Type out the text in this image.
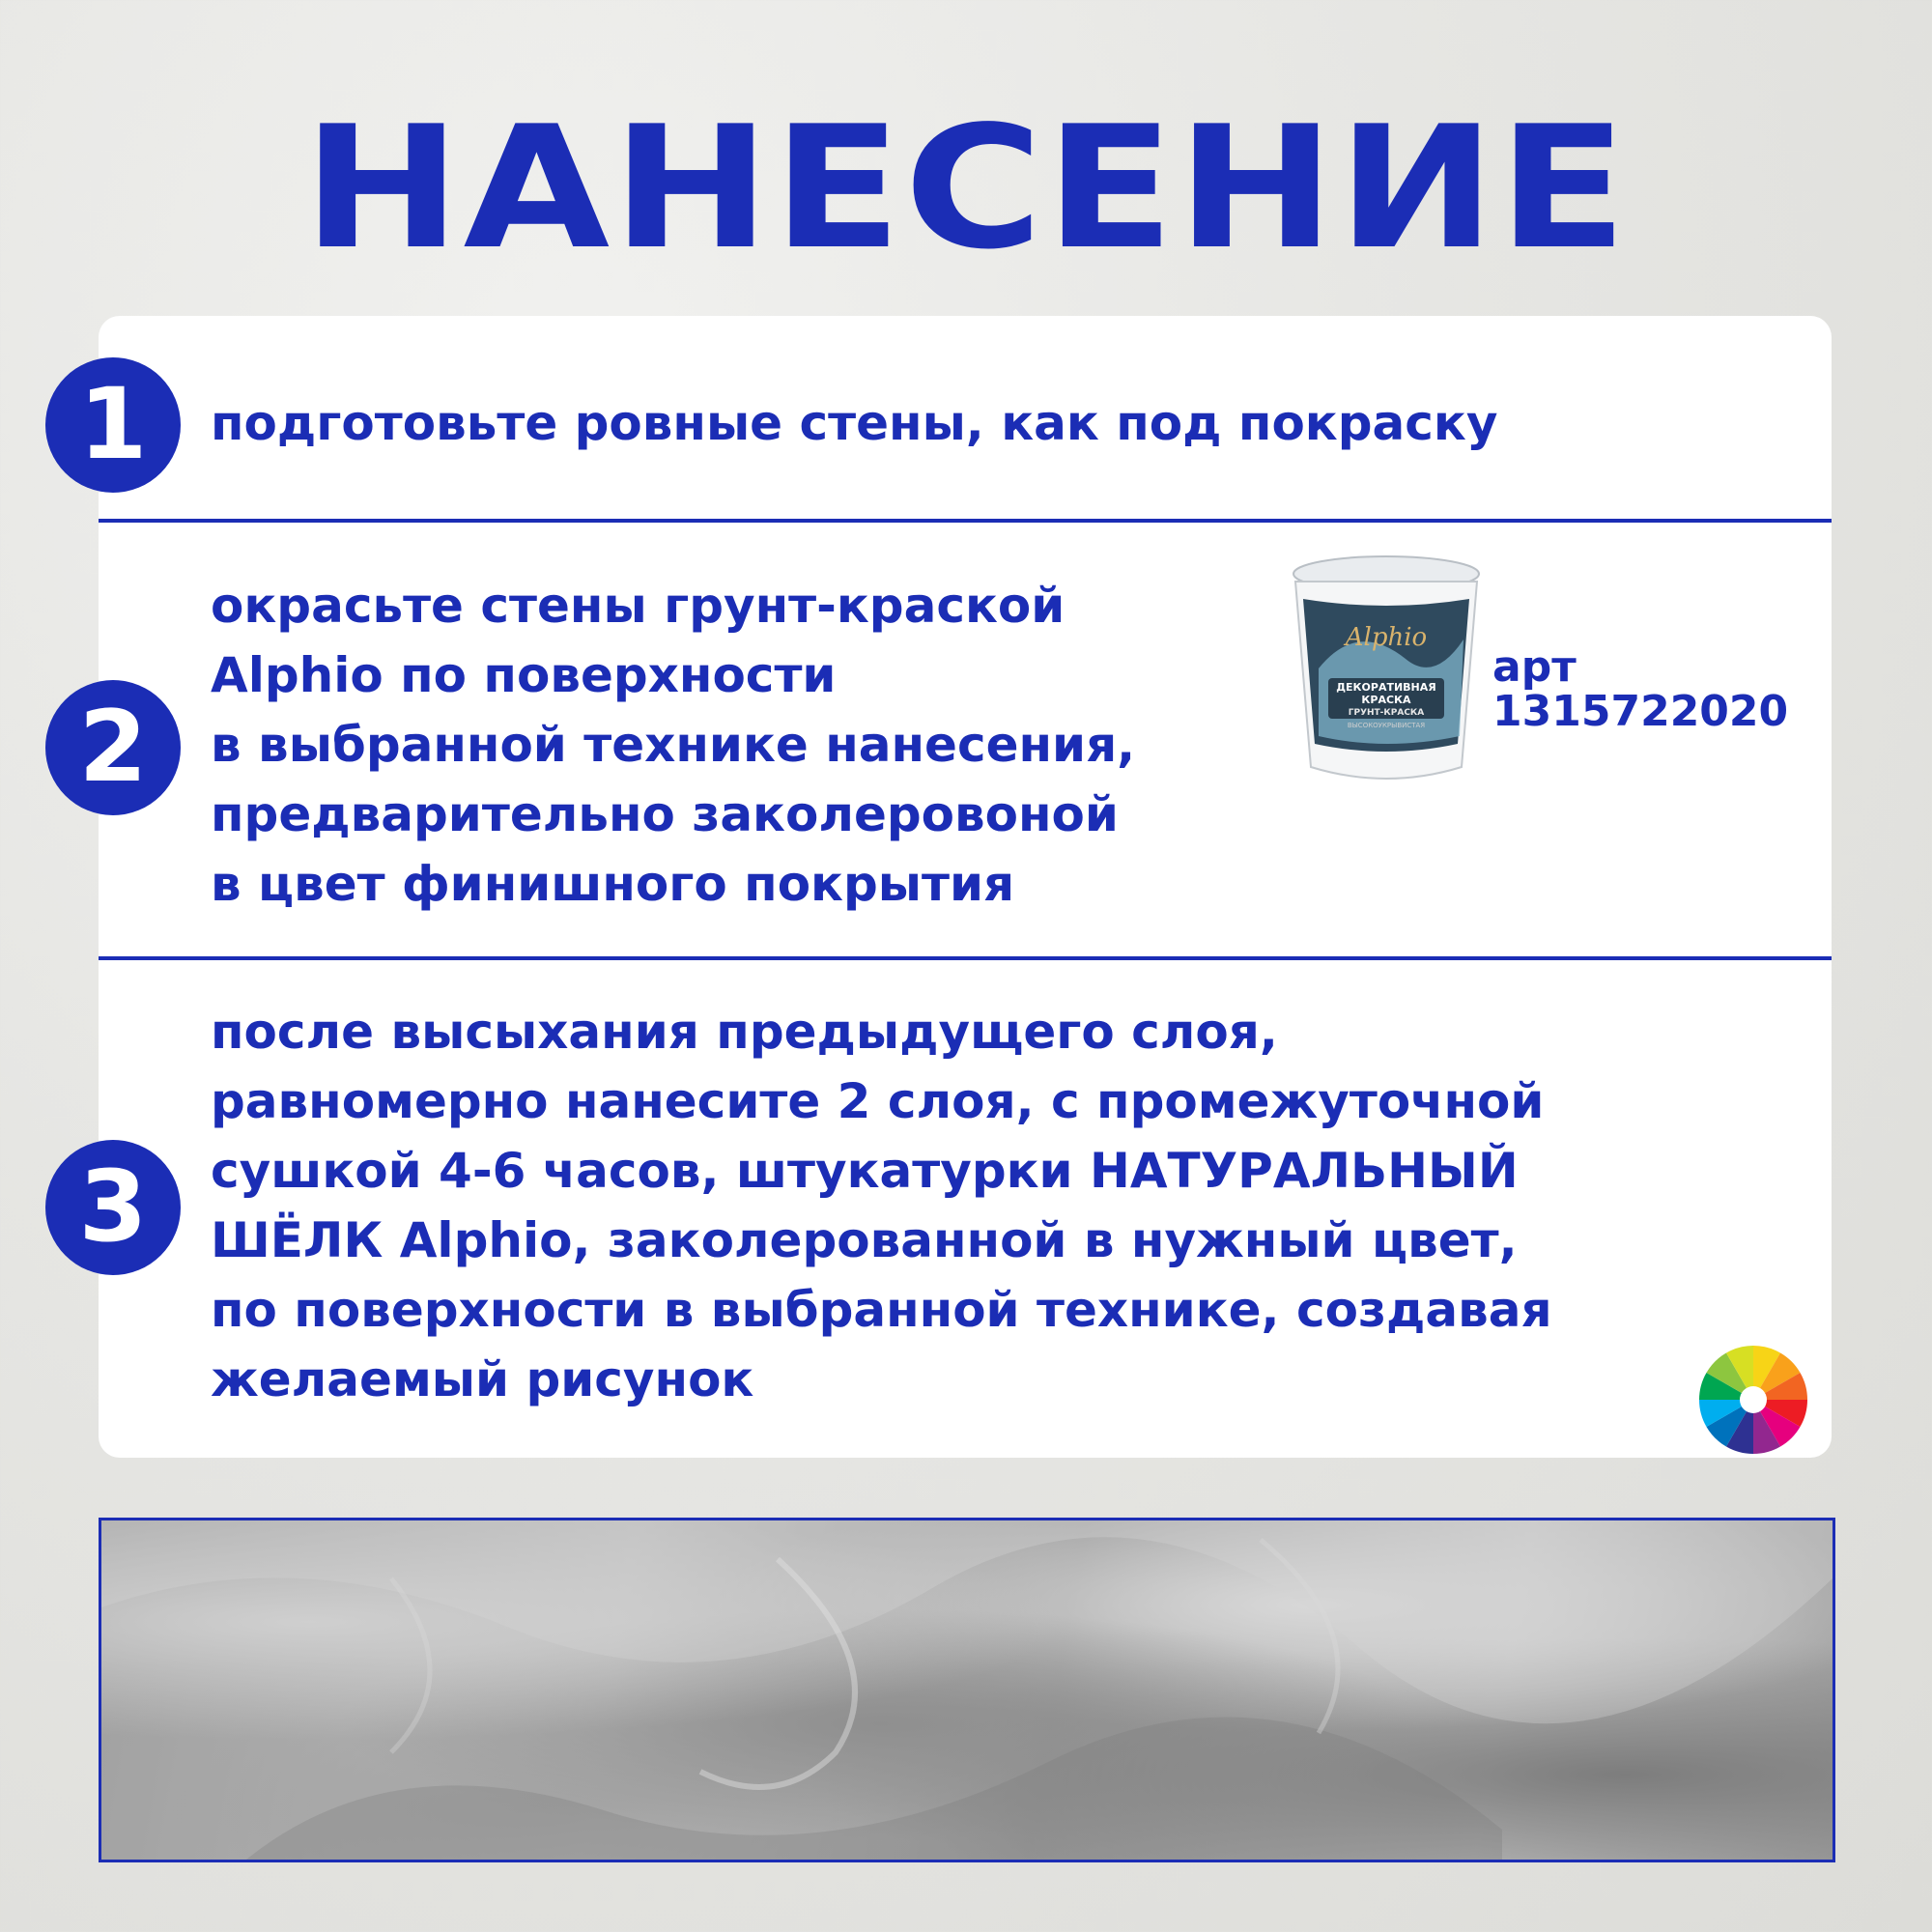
НАНЕСЕНИЕ
1	подготовьте ровные стены, как под покраску
2
окрасьте стены грунт-краской
Alphio по поверхности
в выбранной технике нанесения,
предварительно заколеровоной
в цвет финишного покрытия
Alphio
ДЕКОРАТИВНАЯ
КРАСКА
ГРУНТ-КРАСКА
ВЫСОКОУКРЫВИСТАЯ
арт
1315722020
3
после высыхания предыдущего слоя,
равномерно нанесите 2 слоя, с промежуточной
сушкой 4-6 часов, штукатурки НАТУРАЛЬНЫЙ
ШЁЛК Alphio, заколерованной в нужный цвет,
по поверхности в выбранной технике, создавая
желаемый рисунок
